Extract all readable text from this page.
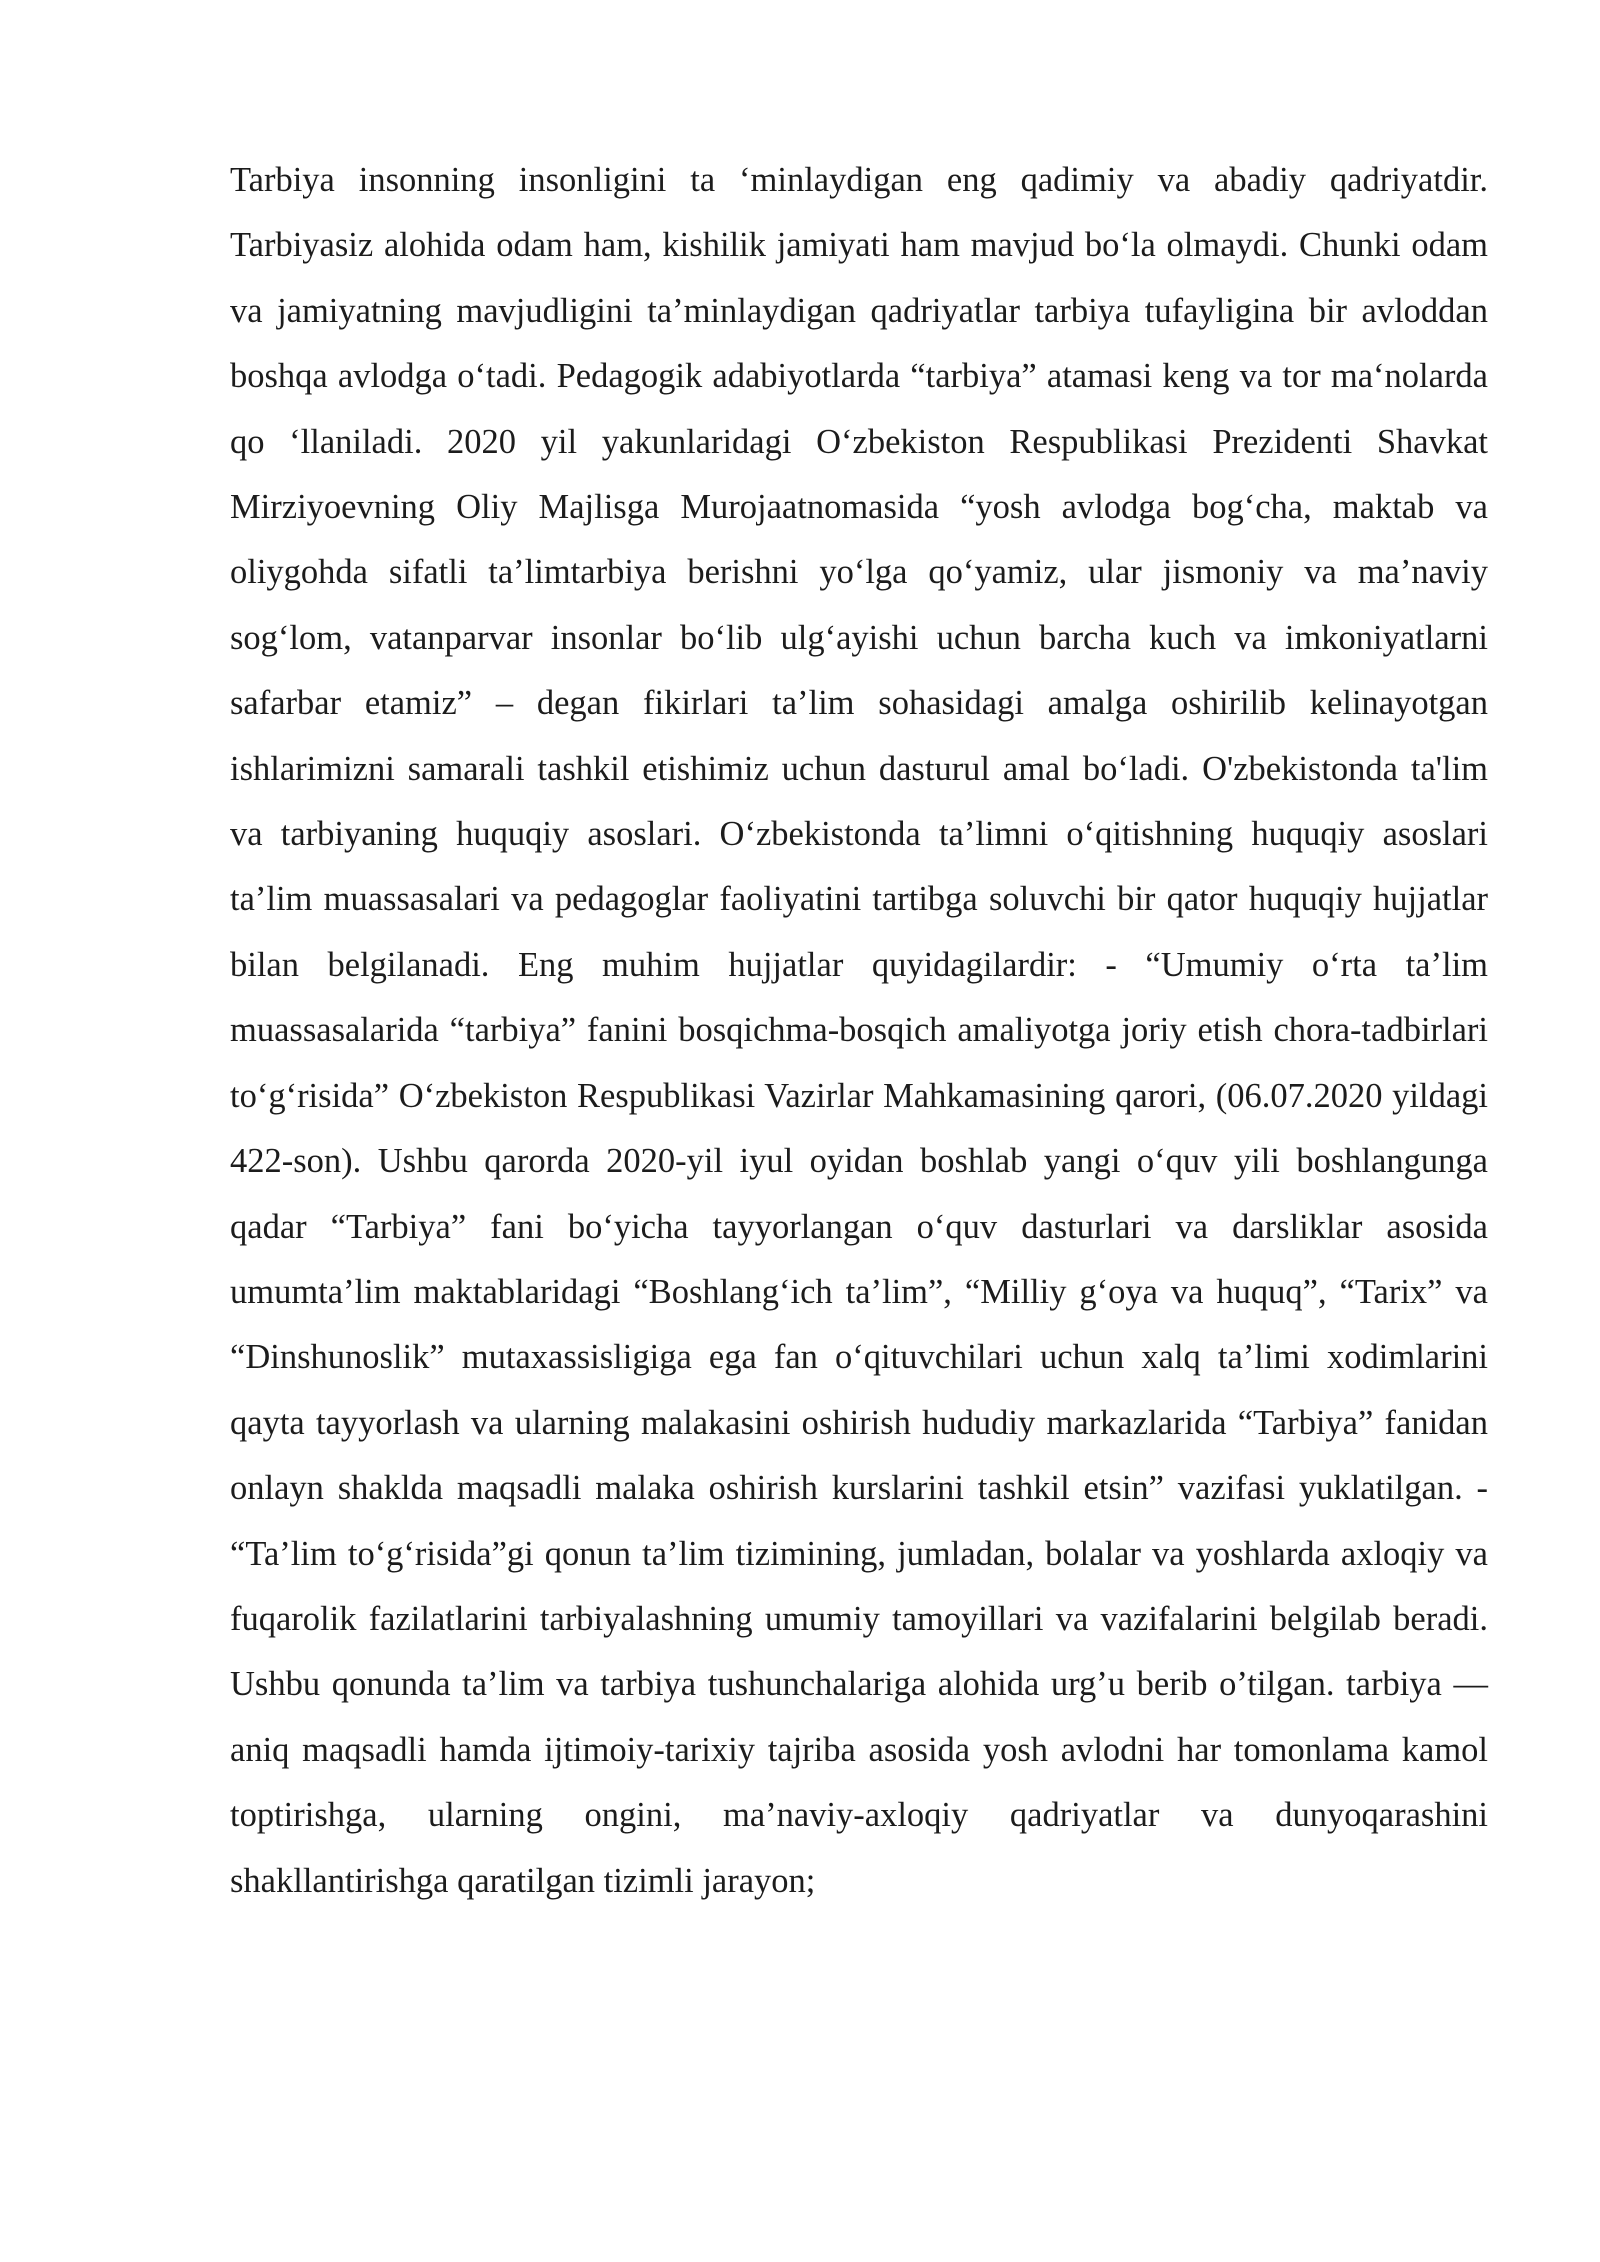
Tarbiya insonning insonligini ta ‘minlaydigan eng qadimiy va abadiy qadriyatdir. Tarbiyasiz alohida odam ham, kishilik jamiyati ham mavjud bo‘la olmaydi. Chunki odam va jamiyatning mavjudligini ta’minlaydigan qadriyatlar tarbiya tufayligina bir avloddan boshqa avlodga o‘tadi. Pedagogik adabiyotlarda “tarbiya” atamasi keng va tor ma‘nolarda qo ‘llaniladi. 2020 yil yakunlaridagi O‘zbekiston Respublikasi Prezidenti Shavkat Mirziyoevning Oliy Majlisga Murojaatnomasida “yosh avlodga bog‘cha, maktab va oliygohda sifatli ta’limtarbiya berishni yo‘lga qo‘yamiz, ular jismoniy va ma’naviy sog‘lom, vatanparvar insonlar bo‘lib ulg‘ayishi uchun barcha kuch va imkoniyatlarni safarbar etamiz” – degan fikirlari ta’lim sohasidagi amalga oshirilib kelinayotgan ishlarimizni samarali tashkil etishimiz uchun dasturul amal bo‘ladi. O'zbekistonda ta'lim va tarbiyaning huquqiy asoslari. O‘zbekistonda ta’limni o‘qitishning huquqiy asoslari ta’lim muassasalari va pedagoglar faoliyatini tartibga soluvchi bir qator huquqiy hujjatlar bilan belgilanadi. Eng muhim hujjatlar quyidagilardir: - “Umumiy o‘rta ta’lim muassasalarida “tarbiya” fanini bosqichma-bosqich amaliyotga joriy etish chora-tadbirlari to‘g‘risida” O‘zbekiston Respublikasi Vazirlar Mahkamasining qarori, (06.07.2020 yildagi 422-son). Ushbu qarorda 2020-yil iyul oyidan boshlab yangi o‘quv yili boshlangunga qadar “Tarbiya” fani bo‘yicha tayyorlangan o‘quv dasturlari va darsliklar asosida umumta’lim maktablaridagi “Boshlang‘ich ta’lim”, “Milliy g‘oya va huquq”, “Tarix” va “Dinshunoslik” mutaxassisligiga ega fan o‘qituvchilari uchun xalq ta’limi xodimlarini qayta tayyorlash va ularning malakasini oshirish hududiy markazlarida “Tarbiya” fanidan onlayn shaklda maqsadli malaka oshirish kurslarini tashkil etsin” vazifasi yuklatilgan. - “Ta’lim to‘g‘risida”gi qonun ta’lim tizimining, jumladan, bolalar va yoshlarda axloqiy va fuqarolik fazilatlarini tarbiyalashning umumiy tamoyillari va vazifalarini belgilab beradi. Ushbu qonunda ta’lim va tarbiya tushunchalariga alohida urg’u berib o’tilgan. tarbiya — aniq maqsadli hamda ijtimoiy-tarixiy tajriba asosida yosh avlodni har tomonlama kamol toptirishga, ularning ongini, ma’naviy-axloqiy qadriyatlar va dunyoqarashini shakllantirishga qaratilgan tizimli jarayon;
